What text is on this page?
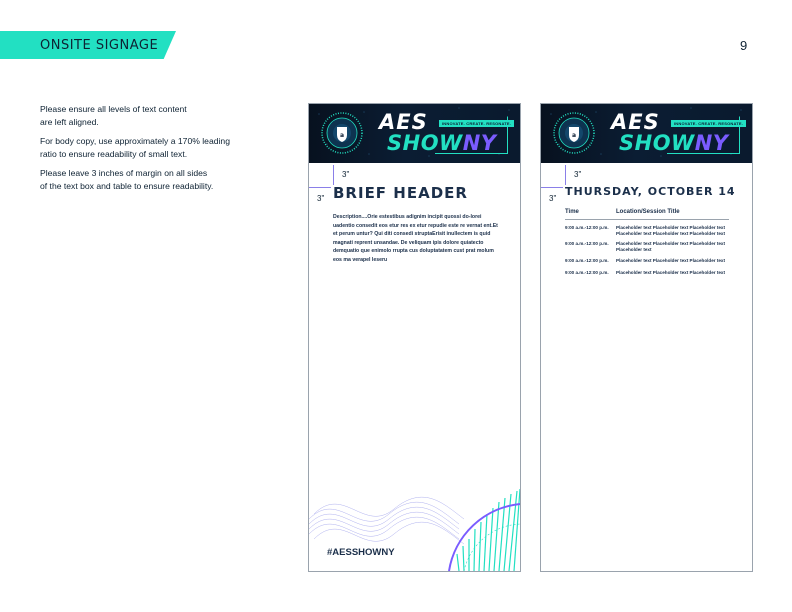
ONSITE SIGNAGE	9

Please ensure all levels of text content
are left aligned.

For body copy, use approximately a 170% leading
ratio to ensure readability of small text.

Please leave 3 inches of margin on all sides
of the text box and table to ensure readability.

a
AES	INNOVATE. CREATE. RESONATE.
SHOWNY
3"
3" BRIEF HEADER
Description....Orie estestibus adignim incipit quossi do-lorei uadentio consedit eos etur res ex etur repudie este re vernat ent.Et et perum untur? Qui diti consedi struptaErisit inullectem is quid magnati reprent unsandae. De veliquam ipis dolore quiatecto demquatio que enimolo rrupta cus doluptatatem cust prat molum eos ma verapel leseru
#AESSHOWNY
a
AES	INNOVATE. CREATE. RESONATE.
SHOWNY
3"
3"
THURSDAY, OCTOBER 14
Time	Location/Session Title
9:00 a.m.-12:00 p.m.	Placeholder text Placeholder text Placeholder text Placeholder text Placeholder text Placeholder text
9:00 a.m.-12:00 p.m.	Placeholder text Placeholder text Placeholder text Placeholder text
9:00 a.m.-12:00 p.m.	Placeholder text Placeholder text Placeholder text
9:00 a.m.-12:00 p.m.	Placeholder text Placeholder text Placeholder text
